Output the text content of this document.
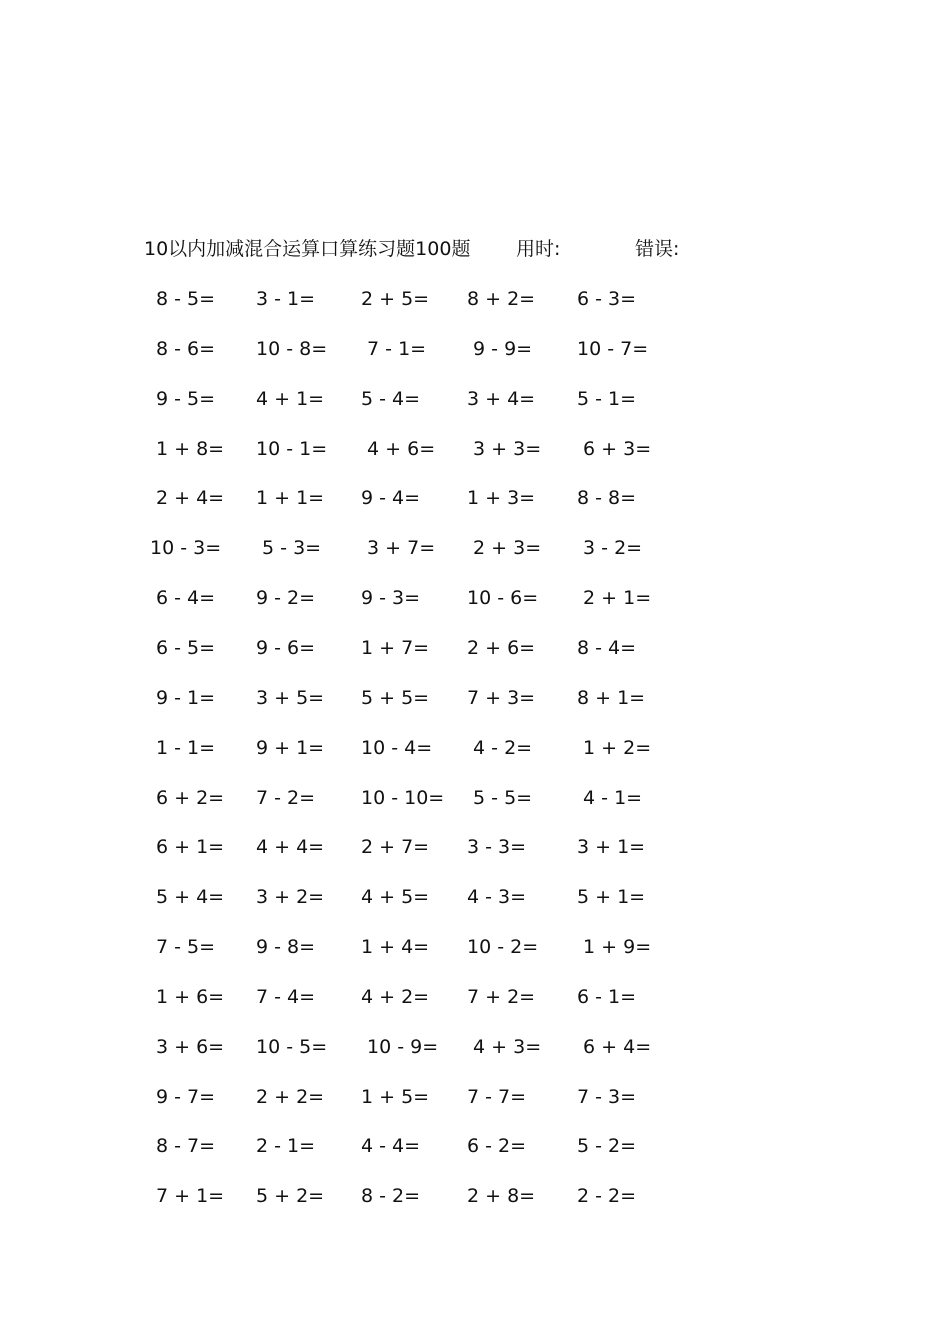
10以内加减混合运算口算练习题100题 用时:	错误:
8 - 5= 3 - 1= 2 + 5= 8 + 2= 6 - 3=
8 - 6= 10 - 8= 7 - 1= 9 - 9= 10 - 7=
9 - 5= 4 + 1= 5 - 4= 3 + 4= 5 - 1=
1 + 8= 10 - 1= 4 + 6= 3 + 3= 6 + 3=
2 + 4= 1 + 1= 9 - 4= 1 + 3= 8 - 8=
10 - 3= 5 - 3= 3 + 7= 2 + 3= 3 - 2=
6 - 4= 9 - 2= 9 - 3= 10 - 6= 2 + 1=
6 - 5= 9 - 6= 1 + 7= 2 + 6= 8 - 4=
9 - 1= 3 + 5= 5 + 5= 7 + 3= 8 + 1=
1 - 1= 9 + 1= 10 - 4= 4 - 2= 1 + 2=
6 + 2= 7 - 2= 10 - 10= 5 - 5= 4 - 1=
6 + 1= 4 + 4= 2 + 7= 3 - 3=	3 + 1=
5 + 4= 3 + 2= 4 + 5= 4 - 3=	5 + 1=
7 - 5= 9 - 8= 1 + 4= 10 - 2= 1 + 9=
1 + 6= 7 - 4= 4 + 2= 7 + 2= 6 - 1=
3 + 6= 10 - 5= 10 - 9= 4 + 3= 6 + 4=
9 - 7= 2 + 2= 1 + 5= 7 - 7=	7 - 3=
8 - 7= 2 - 1= 4 - 4= 6 - 2=	5 - 2=
7 + 1= 5 + 2= 8 - 2= 2 + 8= 2 - 2=
